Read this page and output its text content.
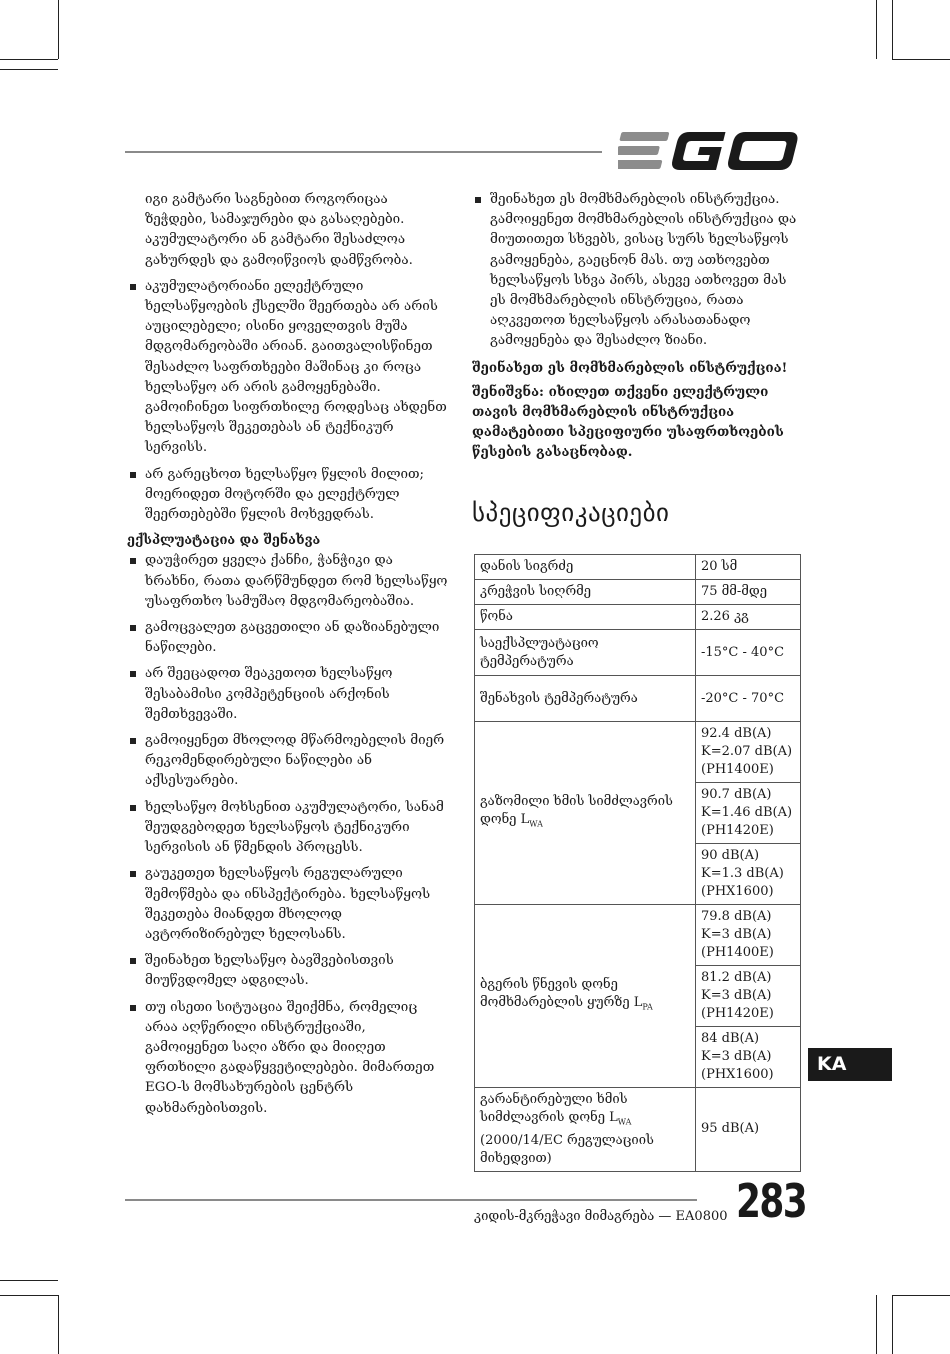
იგი გამტარი საგნებით როგორიცაა ზეჭდები, სამაჯურები და გასაღებები. აკუმულატორი ან გამტარი შესაძლოა გახურდეს და გამოიწვიოს დამწვრობა.

აკუმულატორიანი ელექტრული ხელსაწყოების ქსელში შეერთება არ არის აუცილებელი; ისინი ყოველთვის მუშა მდგომარეობაში არიან. გაითვალისწინეთ შესაძლო საფრთხეები მაშინაც კი როცა ხელსაწყო არ არის გამოყენებაში. გამოიჩინეთ სიფრთხილე როდესაც ახდენთ ხელსაწყოს შეკეთებას ან ტექნიკურ სერვისს.
არ გარეცხოთ ხელსაწყო წყლის მილით; მოერიდეთ მოტორში და ელექტრულ შეერთებებში წყლის მოხვედრას.

ექსპლუატაცია და შენახვა

დაუჭირეთ ყველა ქანჩი, ჭანჭიკი და ხრახნი, რათა დარწმუნდეთ რომ ხელსაწყო უსაფრთხო სამუშაო მდგომარეობაშია.
გამოცვალეთ გაცვეთილი ან დაზიანებული ნაწილები.
არ შეეცადოთ შეაკეთოთ ხელსაწყო შესაბამისი კომპეტენციის არქონის შემთხვევაში.
გამოიყენეთ მხოლოდ მწარმოებელის მიერ რეკომენდირებული ნაწილები ან აქსესუარები.
ხელსაწყო მოხსენით აკუმულატორი, სანამ შეუდგებოდეთ ხელსაწყოს ტექნიკური სერვისის ან წმენდის პროცესს.
გაუკეთეთ ხელსაწყოს რეგულარული შემოწმება და ინსპექტირება. ხელსაწყოს შეკეთება მიანდეთ მხოლოდ ავტორიზირებულ ხელოსანს.
შეინახეთ ხელსაწყო ბავშვებისთვის მიუწვდომელ ადგილას.
თუ ისეთი სიტუაცია შეიქმნა, რომელიც არაა აღწერილი ინსტრუქციაში, გამოიყენეთ საღი აზრი და მიიღეთ ფრთხილი გადაწყვეტილებები. მიმართეთ EGO-ს მომსახურების ცენტრს დახმარებისთვის.
შეინახეთ ეს მომხმარებლის ინსტრუქცია. გამოიყენეთ მომხმარებლის ინსტრუქცია და მიუთითეთ სხვებს, ვისაც სურს ხელსაწყოს გამოყენება, გაეცნონ მას. თუ ათხოვებთ ხელსაწყოს სხვა პირს, ასევე ათხოვეთ მას ეს მომხმარებლის ინსტრუცია, რათა აღკვეთოთ ხელსაწყოს არასათანადო გამოყენება და შესაძლო ზიანი.

შეინახეთ ეს მომხმარებლის ინსტრუქცია!

შენიშვნა: იხილეთ თქვენი ელექტრული თავის მომხმარებლის ინსტრუქცია დამატებითი სპეციფიური უსაფრთხოების წესების გასაცნობად.

სპეციფიკაციები
დანის სიგრძე	20 სმ
კრეჭვის სიღრმე	75 მმ-მდე
წონა	2.26 კგ
საექსპლუატაციო ტემპერატურა	-15°C - 40°C
შენახვის ტემპერატურა	-20°C - 70°C
გაზომილი ხმის სიმძლავრის დონე $L_{WA}$	92.4 dB(A)
K=2.07 dB(A)
(PH1400E)

	90.7 dB(A)
K=1.46 dB(A)
(PH1420E)

	90 dB(A)
K=1.3 dB(A)
(PHX1600)

ბგერის წნევის დონე მომხმარებლის ყურზე $L_{PA}$	79.8 dB(A)
K=3 dB(A)
(PH1400E)

	81.2 dB(A)
K=3 dB(A)
(PH1420E)

	84 dB(A)
K=3 dB(A)
(PHX1600)

გარანტირებული ხმის სიმძლავრის დონე $L_{WA}$ (2000/14/EC რეგულაციის მიხედვით)	95 dB(A)
KA
კიდის-მკრეჭავი მიმაგრება — EA0800 283
